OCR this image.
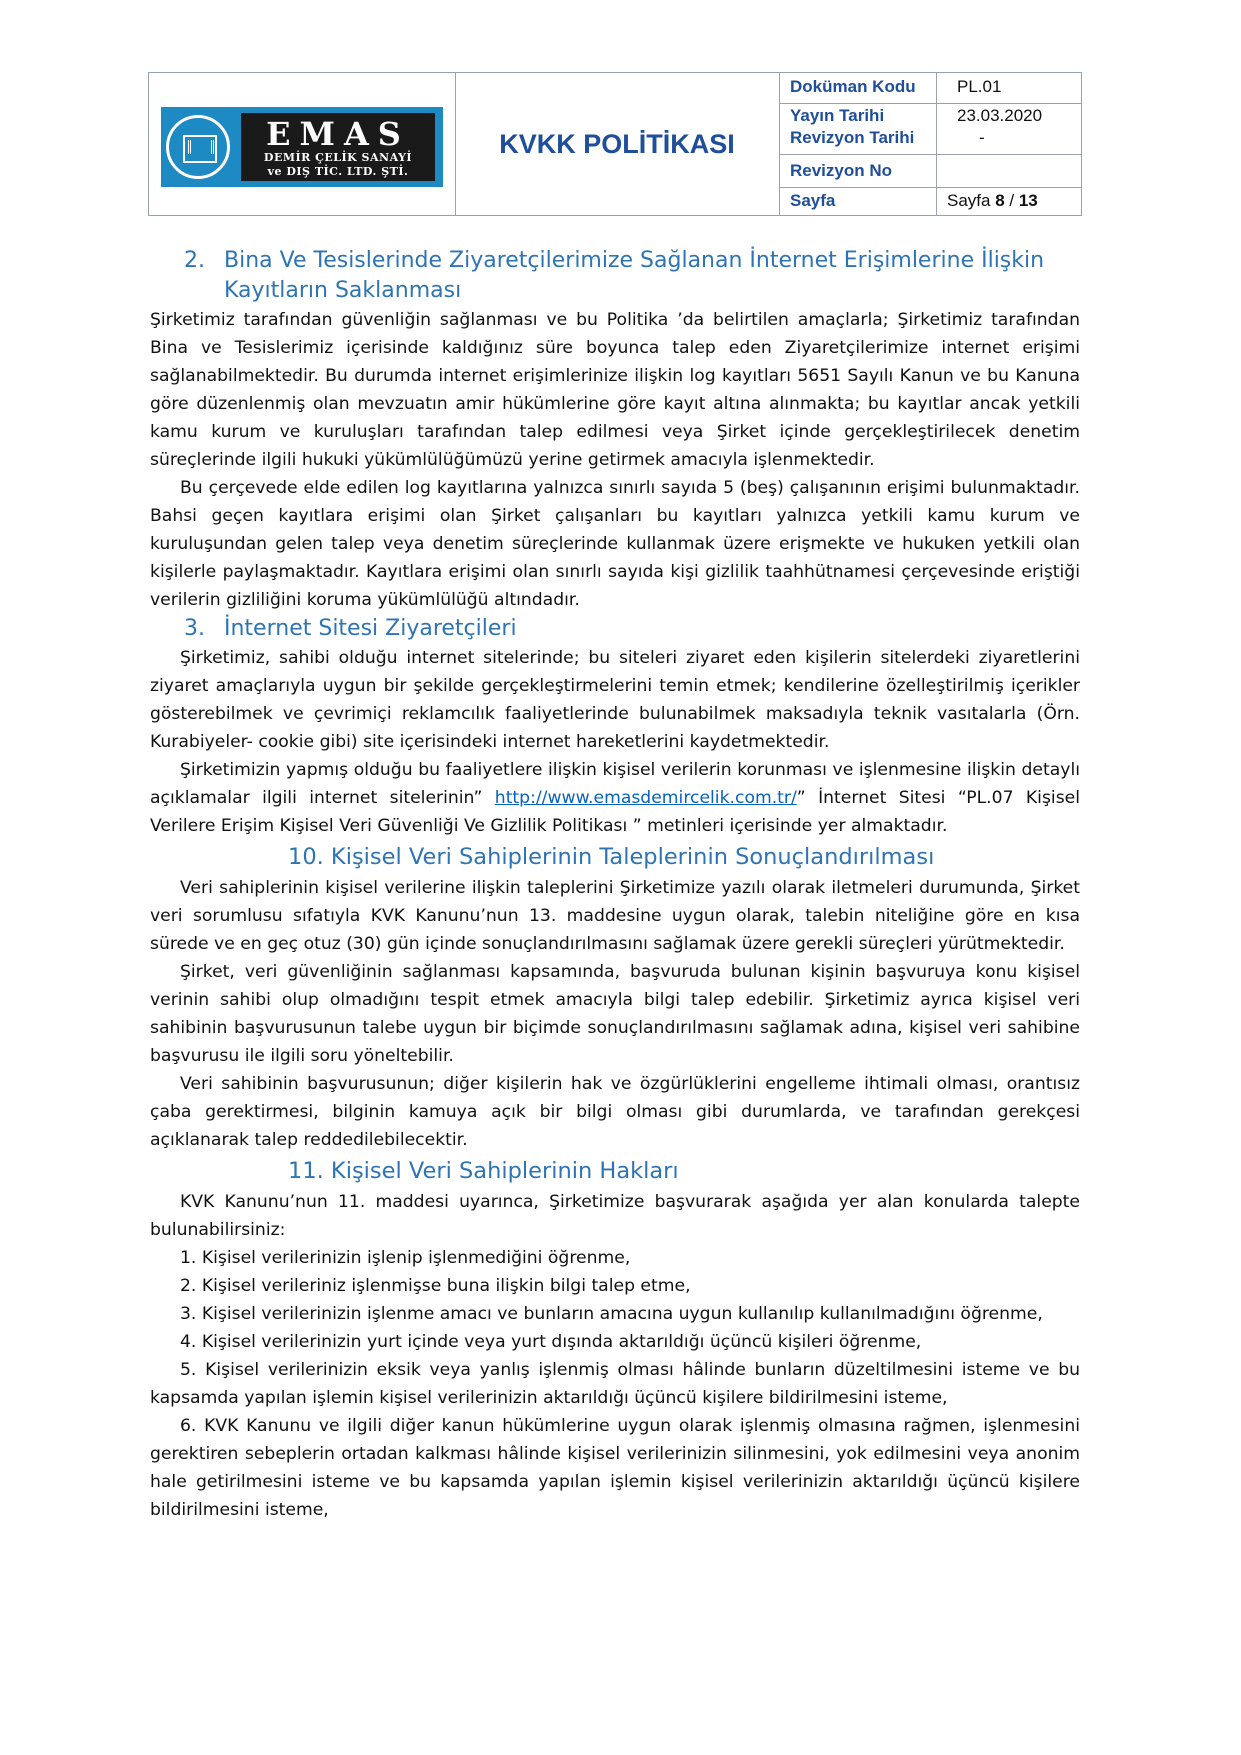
EMAS
DEMİR ÇELİK SANAYİ
ve DIŞ TİC. LTD. ŞTİ.
KVKK POLİTİKASI
Doküman Kodu	PL.01
Yayın Tarihi
Revizyon Tarihi
23.03.2020
-
Revizyon No
Sayfa	Sayfa 8 / 13
2. Bina Ve Tesislerinde Ziyaretçilerimize Sağlanan İnternet Erişimlerine İlişkin
Kayıtların Saklanması

Şirketimiz tarafından güvenliğin sağlanması ve bu Politika ’da belirtilen amaçlarla; Şirketimiz tarafından Bina ve Tesislerimiz içerisinde kaldığınız süre boyunca talep eden Ziyaretçilerimize internet erişimi sağlanabilmektedir. Bu durumda internet erişimlerinize ilişkin log kayıtları 5651 Sayılı Kanun ve bu Kanuna göre düzenlenmiş olan mevzuatın amir hükümlerine göre kayıt altına alınmakta; bu kayıtlar ancak yetkili kamu kurum ve kuruluşları tarafından talep edilmesi veya Şirket içinde gerçekleştirilecek denetim süreçlerinde ilgili hukuki yükümlülüğümüzü yerine getirmek amacıyla işlenmektedir.

Bu çerçevede elde edilen log kayıtlarına yalnızca sınırlı sayıda 5 (beş) çalışanının erişimi bulunmaktadır. Bahsi geçen kayıtlara erişimi olan Şirket çalışanları bu kayıtları yalnızca yetkili kamu kurum ve kuruluşundan gelen talep veya denetim süreçlerinde kullanmak üzere erişmekte ve hukuken yetkili olan kişilerle paylaşmaktadır. Kayıtlara erişimi olan sınırlı sayıda kişi gizlilik taahhütnamesi çerçevesinde eriştiği verilerin gizliliğini koruma yükümlülüğü altındadır.

3. İnternet Sitesi Ziyaretçileri

Şirketimiz, sahibi olduğu internet sitelerinde; bu siteleri ziyaret eden kişilerin sitelerdeki ziyaretlerini ziyaret amaçlarıyla uygun bir şekilde gerçekleştirmelerini temin etmek; kendilerine özelleştirilmiş içerikler gösterebilmek ve çevrimiçi reklamcılık faaliyetlerinde bulunabilmek maksadıyla teknik vasıtalarla (Örn. Kurabiyeler- cookie gibi) site içerisindeki internet hareketlerini kaydetmektedir.

Şirketimizin yapmış olduğu bu faaliyetlere ilişkin kişisel verilerin korunması ve işlenmesine ilişkin detaylı açıklamalar ilgili internet sitelerinin” http://www.emasdemircelik.com.tr/” İnternet Sitesi “PL.07 Kişisel Verilere Erişim Kişisel Veri Güvenliği Ve Gizlilik Politikası ” metinleri içerisinde yer almaktadır.

10. Kişisel Veri Sahiplerinin Taleplerinin Sonuçlandırılması

Veri sahiplerinin kişisel verilerine ilişkin taleplerini Şirketimize yazılı olarak iletmeleri durumunda, Şirket veri sorumlusu sıfatıyla KVK Kanunu’nun 13. maddesine uygun olarak, talebin niteliğine göre en kısa sürede ve en geç otuz (30) gün içinde sonuçlandırılmasını sağlamak üzere gerekli süreçleri yürütmektedir.

Şirket, veri güvenliğinin sağlanması kapsamında, başvuruda bulunan kişinin başvuruya konu kişisel verinin sahibi olup olmadığını tespit etmek amacıyla bilgi talep edebilir. Şirketimiz ayrıca kişisel veri sahibinin başvurusunun talebe uygun bir biçimde sonuçlandırılmasını sağlamak adına, kişisel veri sahibine başvurusu ile ilgili soru yöneltebilir.

Veri sahibinin başvurusunun; diğer kişilerin hak ve özgürlüklerini engelleme ihtimali olması, orantısız çaba gerektirmesi, bilginin kamuya açık bir bilgi olması gibi durumlarda, ve tarafından gerekçesi açıklanarak talep reddedilebilecektir.

11. Kişisel Veri Sahiplerinin Hakları

KVK Kanunu’nun 11. maddesi uyarınca, Şirketimize başvurarak aşağıda yer alan konularda talepte bulunabilirsiniz:

1. Kişisel verilerinizin işlenip işlenmediğini öğrenme,

2. Kişisel verileriniz işlenmişse buna ilişkin bilgi talep etme,

3. Kişisel verilerinizin işlenme amacı ve bunların amacına uygun kullanılıp kullanılmadığını öğrenme,

4. Kişisel verilerinizin yurt içinde veya yurt dışında aktarıldığı üçüncü kişileri öğrenme,

5. Kişisel verilerinizin eksik veya yanlış işlenmiş olması hâlinde bunların düzeltilmesini isteme ve bu kapsamda yapılan işlemin kişisel verilerinizin aktarıldığı üçüncü kişilere bildirilmesini isteme,

6. KVK Kanunu ve ilgili diğer kanun hükümlerine uygun olarak işlenmiş olmasına rağmen, işlenmesini gerektiren sebeplerin ortadan kalkması hâlinde kişisel verilerinizin silinmesini, yok edilmesini veya anonim hale getirilmesini isteme ve bu kapsamda yapılan işlemin kişisel verilerinizin aktarıldığı üçüncü kişilere bildirilmesini isteme,
